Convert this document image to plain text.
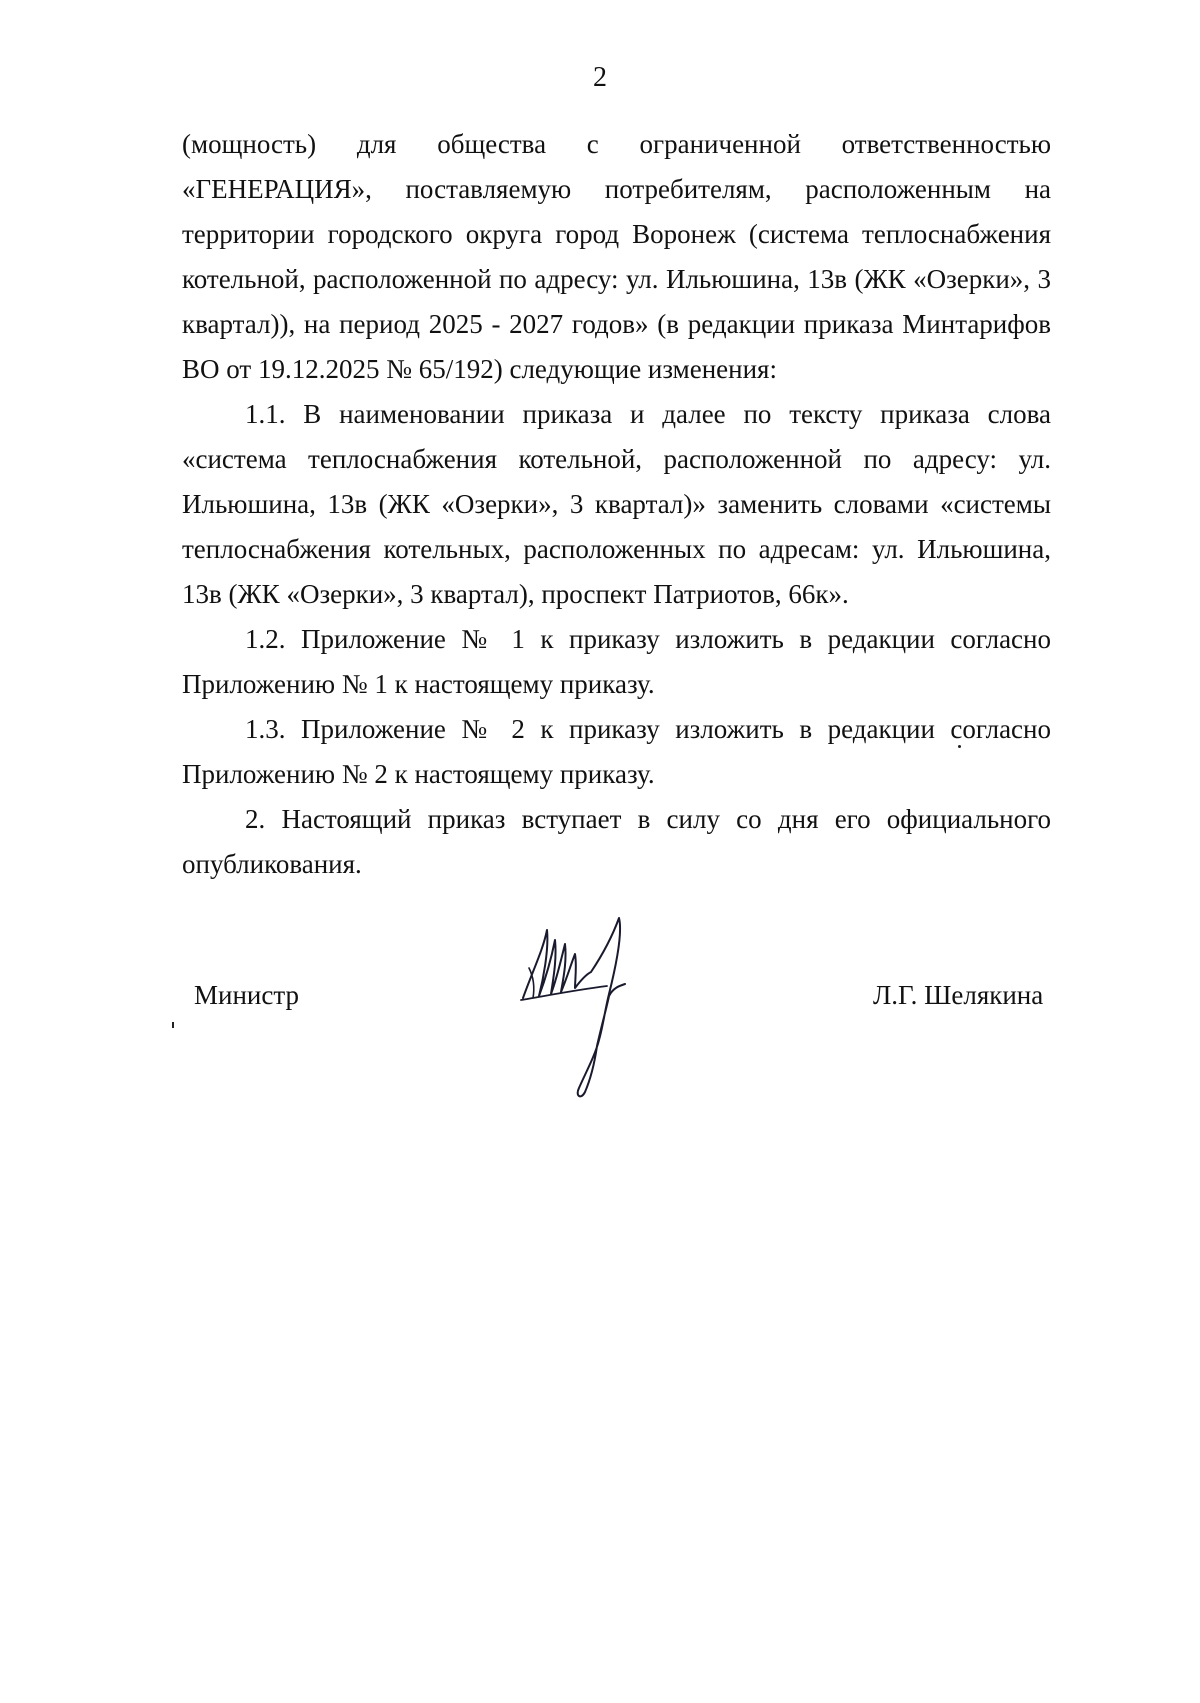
2

(мощность) для общества с ограниченной ответственностью «ГЕНЕРАЦИЯ», поставляемую потребителям, расположенным на территории городского округа город Воронеж (система теплоснабжения котельной, расположенной по адресу: ул. Ильюшина, 13в (ЖК «Озерки», 3 квартал)), на период 2025 - 2027 годов» (в редакции приказа Минтарифов ВО от 19.12.2025 № 65/192) следующие изменения:

1.1. В наименовании приказа и далее по тексту приказа слова «система теплоснабжения котельной, расположенной по адресу: ул. Ильюшина, 13в (ЖК «Озерки», 3 квартал)» заменить словами «системы теплоснабжения котельных, расположенных по адресам: ул. Ильюшина, 13в (ЖК «Озерки», 3 квартал), проспект Патриотов, 66к».

1.2. Приложение № 1 к приказу изложить в редакции согласно Приложению № 1 к настоящему приказу.

1.3. Приложение № 2 к приказу изложить в редакции согласно Приложению № 2 к настоящему приказу.

2. Настоящий приказ вступает в силу со дня его официального опубликования.

Министр	Л.Г. Шелякина
